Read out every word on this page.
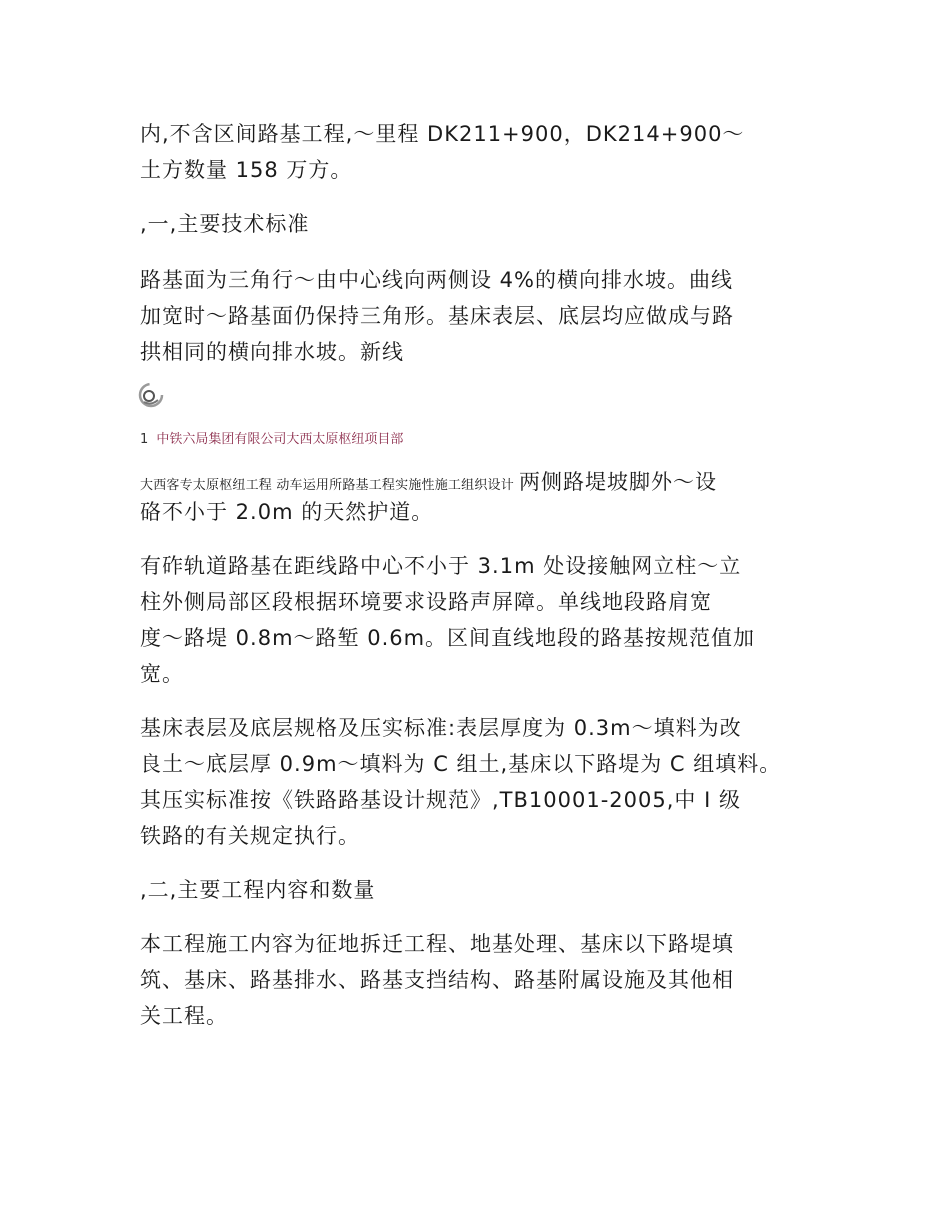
内,不含区间路基工程,～里程 DK211+900，DK214+900～
土方数量 158 万方。

,一,主要技术标准

路基面为三角行～由中心线向两侧设 4%的横向排水坡。曲线
加宽时～路基面仍保持三角形。基床表层、底层均应做成与路
拱相同的横向排水坡。新线

1 中铁六局集团有限公司大西太原枢纽项目部
大西客专太原枢纽工程 动车运用所路基工程实施性施工组织设计 两侧路堤坡脚外～设

硌不小于 2.0m 的天然护道。

有砟轨道路基在距线路中心不小于 3.1m 处设接触网立柱～立
柱外侧局部区段根据环境要求设路声屏障。单线地段路肩宽
度～路堤 0.8m～路堑 0.6m。区间直线地段的路基按规范值加
宽。

基床表层及底层规格及压实标准:表层厚度为 0.3m～填料为改
良土～底层厚 0.9m～填料为 C 组土,基床以下路堤为 C 组填料。
其压实标准按《铁路路基设计规范》,TB10001-2005,中 I 级
铁路的有关规定执行。

,二,主要工程内容和数量

本工程施工内容为征地拆迁工程、地基处理、基床以下路堤填
筑、基床、路基排水、路基支挡结构、路基附属设施及其他相
关工程。
